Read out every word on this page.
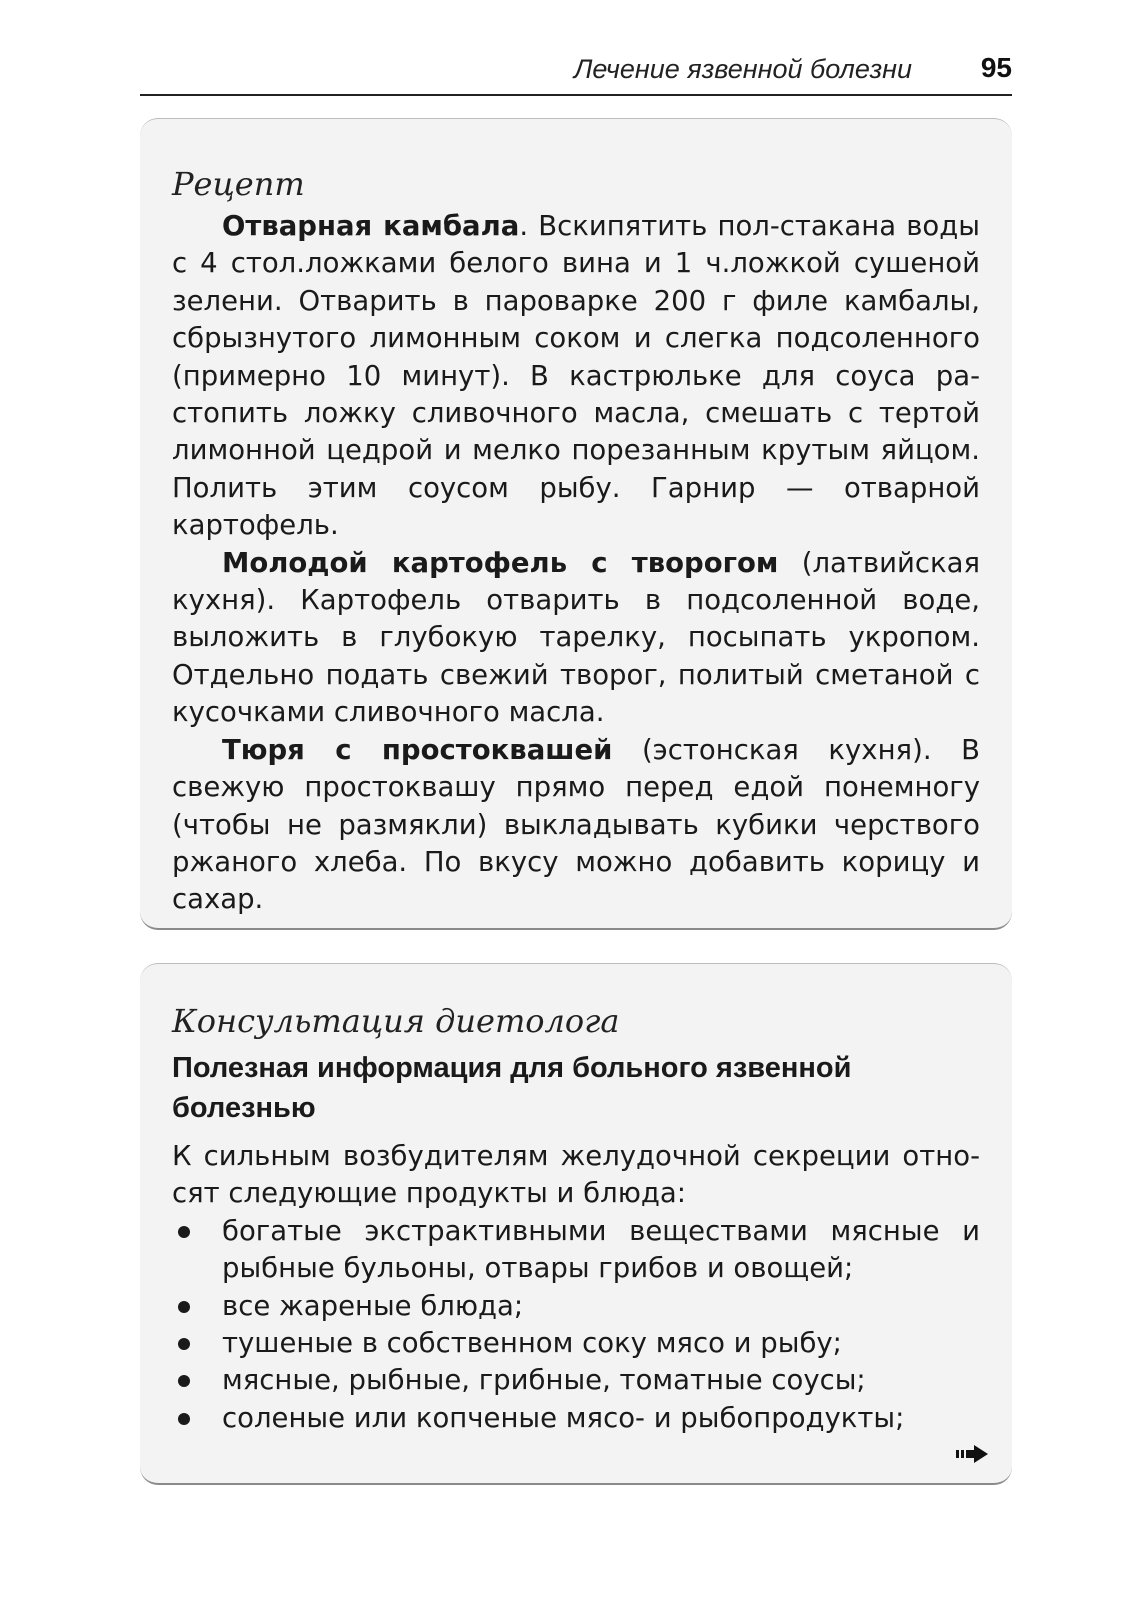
Лечение язвенной болезни 95
Рецепт

Отварная камбала. Вскипятить пол-стакана воды с 4 стол.ложками белого вина и 1 ч.ложкой сушеной зелени. Отварить в пароварке 200 г филе камбалы, сбрызнутого лимонным соком и слегка подсоленного (примерно 10 минут). В кастрюльке для соуса растопить ложку сливочного масла, смешать с тертой лимонной цедрой и мелко порезанным крутым яйцом. Полить этим соусом рыбу. Гарнир — отварной картофель.

Молодой картофель с творогом (латвийская кухня). Картофель отварить в подсоленной воде, выложить в глубокую тарелку, посыпать укропом. Отдельно подать свежий творог, политый сметаной с кусочками сливочного масла.

Тюря с простоквашей (эстонская кухня). В свежую простоквашу прямо перед едой понемногу (чтобы не размякли) выкладывать кубики черствого ржаного хлеба. По вкусу можно добавить корицу и сахар.

Консультация диетолога
Полезная информация для больного язвенной болезнью

К сильным возбудителям желудочной секреции относят следующие продукты и блюда:

богатые экстрактивными веществами мясные и рыбные бульоны, отвары грибов и овощей;
все жареные блюда;
тушеные в собственном соку мясо и рыбу;
мясные, рыбные, грибные, томатные соусы;
соленые или копченые мясо- и рыбопродукты;
